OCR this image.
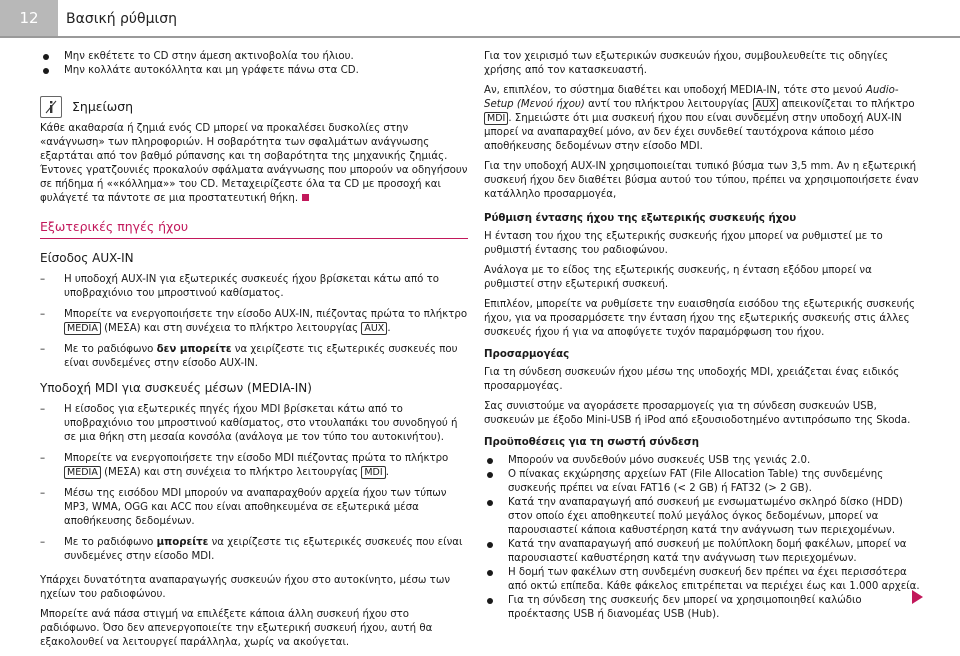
12	Βασική ρύθμιση

Μην εκθέτετε το CD στην άμεση ακτινοβολία του ήλιου.

Μην κολλάτε αυτοκόλλητα και μη γράφετε πάνω στα CD.

Σημείωση

Κάθε ακαθαρσία ή ζημιά ενός CD μπορεί να προκαλέσει δυσκολίες στην «ανάγνωση» των πληροφοριών. Η σοβαρότητα των σφαλμάτων ανάγνωσης εξαρτάται από τον βαθμό ρύπανσης και τη σοβαρότητα της μηχανικής ζημιάς. Έντονες γρατζουνιές προκαλούν σφάλματα ανάγνωσης που μπορούν να οδηγήσουν σε πήδημα ή ««κόλλημα»» του CD. Μεταχειρίζεστε όλα τα CD με προσοχή και φυλάγετέ τα πάντοτε σε μια προστατευτική θήκη.

Εξωτερικές πηγές ήχου
Είσοδος AUX-IN

– Η υποδοχή AUX-IN για εξωτερικές συσκευές ήχου βρίσκεται κάτω από το υποβραχιόνιο του μπροστινού καθίσματος.

– Μπορείτε να ενεργοποιήσετε την είσοδο AUX-IN, πιέζοντας πρώτα το πλήκτρο MEDIA (ΜΕΣΑ) και στη συνέχεια το πλήκτρο λειτουργίας AUX .

– Με το ραδιόφωνο δεν μπορείτε να χειρίζεστε τις εξωτερικές συσκευές που είναι συνδεμένες στην είσοδο AUX-IN.

Υποδοχή MDI για συσκευές μέσων (MEDIA-IN)

– Η είσοδος για εξωτερικές πηγές ήχου MDI βρίσκεται κάτω από το υποβραχιόνιο του μπροστινού καθίσματος, στο ντουλαπάκι του συνοδηγού ή σε μια θήκη στη μεσαία κονσόλα (ανάλογα με τον τύπο του αυτοκινήτου).

– Μπορείτε να ενεργοποιήσετε την είσοδο MDI πιέζοντας πρώτα το πλήκτρο MEDIA (ΜΕΣΑ) και στη συνέχεια το πλήκτρο λειτουργίας MDI .

– Μέσω της εισόδου MDI μπορούν να αναπαραχθούν αρχεία ήχου των τύπων MP3, WMA, OGG και ACC που είναι αποθηκευμένα σε εξωτερικά μέσα αποθήκευσης δεδομένων.

– Με το ραδιόφωνο μπορείτε να χειρίζεστε τις εξωτερικές συσκευές που είναι συνδεμένες στην είσοδο MDI.

Υπάρχει δυνατότητα αναπαραγωγής συσκευών ήχου στο αυτοκίνητο, μέσω των ηχείων του ραδιοφώνου.

Μπορείτε ανά πάσα στιγμή να επιλέξετε κάποια άλλη συσκευή ήχου στο ραδιόφωνο. Όσο δεν απενεργοποιείτε την εξωτερική συσκευή ήχου, αυτή θα εξακολουθεί να λειτουργεί παράλληλα, χωρίς να ακούγεται.

Για τον χειρισμό των εξωτερικών συσκευών ήχου, συμβουλευθείτε τις οδηγίες χρήσης από τον κατασκευαστή.

Αν, επιπλέον, το σύστημα διαθέτει και υποδοχή MEDIA-IN, τότε στο μενού Audio-Setup (Μενού ήχου) αντί του πλήκτρου λειτουργίας AUX απεικονίζεται το πλήκτρο MDI . Σημειώστε ότι μια συσκευή ήχου που είναι συνδεμένη στην υποδοχή AUX-IN μπορεί να αναπαραχθεί μόνο, αν δεν έχει συνδεθεί ταυτόχρονα κάποιο μέσο αποθήκευσης δεδομένων στην είσοδο MDI.

Για την υποδοχή AUX-IN χρησιμοποιείται τυπικό βύσμα των 3,5 mm. Αν η εξωτερική συσκευή ήχου δεν διαθέτει βύσμα αυτού του τύπου, πρέπει να χρησιμοποιήσετε έναν κατάλληλο προσαρμογέα,

Ρύθμιση έντασης ήχου της εξωτερικής συσκευής ήχου

Η ένταση του ήχου της εξωτερικής συσκευής ήχου μπορεί να ρυθμιστεί με το ρυθμιστή έντασης του ραδιοφώνου.

Ανάλογα με το είδος της εξωτερικής συσκευής, η ένταση εξόδου μπορεί να ρυθμιστεί στην εξωτερική συσκευή.

Επιπλέον, μπορείτε να ρυθμίσετε την ευαισθησία εισόδου της εξωτερικής συσκευής ήχου, για να προσαρμόσετε την ένταση ήχου της εξωτερικής συσκευής στις άλλες συσκευές ήχου ή για να αποφύγετε τυχόν παραμόρφωση του ήχου.

Προσαρμογέας

Για τη σύνδεση συσκευών ήχου μέσω της υποδοχής MDI, χρειάζεται ένας ειδικός προσαρμογέας.

Σας συνιστούμε να αγοράσετε προσαρμογείς για τη σύνδεση συσκευών USB, συσκευών με έξοδο Mini-USB ή iPod από εξουσιοδοτημένο αντιπρόσωπο της Skoda.

Προϋποθέσεις για τη σωστή σύνδεση

Μπορούν να συνδεθούν μόνο συσκευές USB της γενιάς 2.0.

Ο πίνακας εκχώρησης αρχείων FAT (File Allocation Table) της συνδεμένης συσκευής πρέπει να είναι FAT16 (< 2 GB) ή FAT32 (> 2 GB).

Κατά την αναπαραγωγή από συσκευή με ενσωματωμένο σκληρό δίσκο (HDD) στον οποίο έχει αποθηκευτεί πολύ μεγάλος όγκος δεδομένων, μπορεί να παρουσιαστεί κάποια καθυστέρηση κατά την ανάγνωση των περιεχομένων.

Κατά την αναπαραγωγή από συσκευή με πολύπλοκη δομή φακέλων, μπορεί να παρουσιαστεί καθυστέρηση κατά την ανάγνωση των περιεχομένων.

Η δομή των φακέλων στη συνδεμένη συσκευή δεν πρέπει να έχει περισσότερα από οκτώ επίπεδα. Κάθε φάκελος επιτρέπεται να περιέχει έως και 1.000 αρχεία.

Για τη σύνδεση της συσκευής δεν μπορεί να χρησιμοποιηθεί καλώδιο προέκτασης USB ή διανομέας USB (Hub).
